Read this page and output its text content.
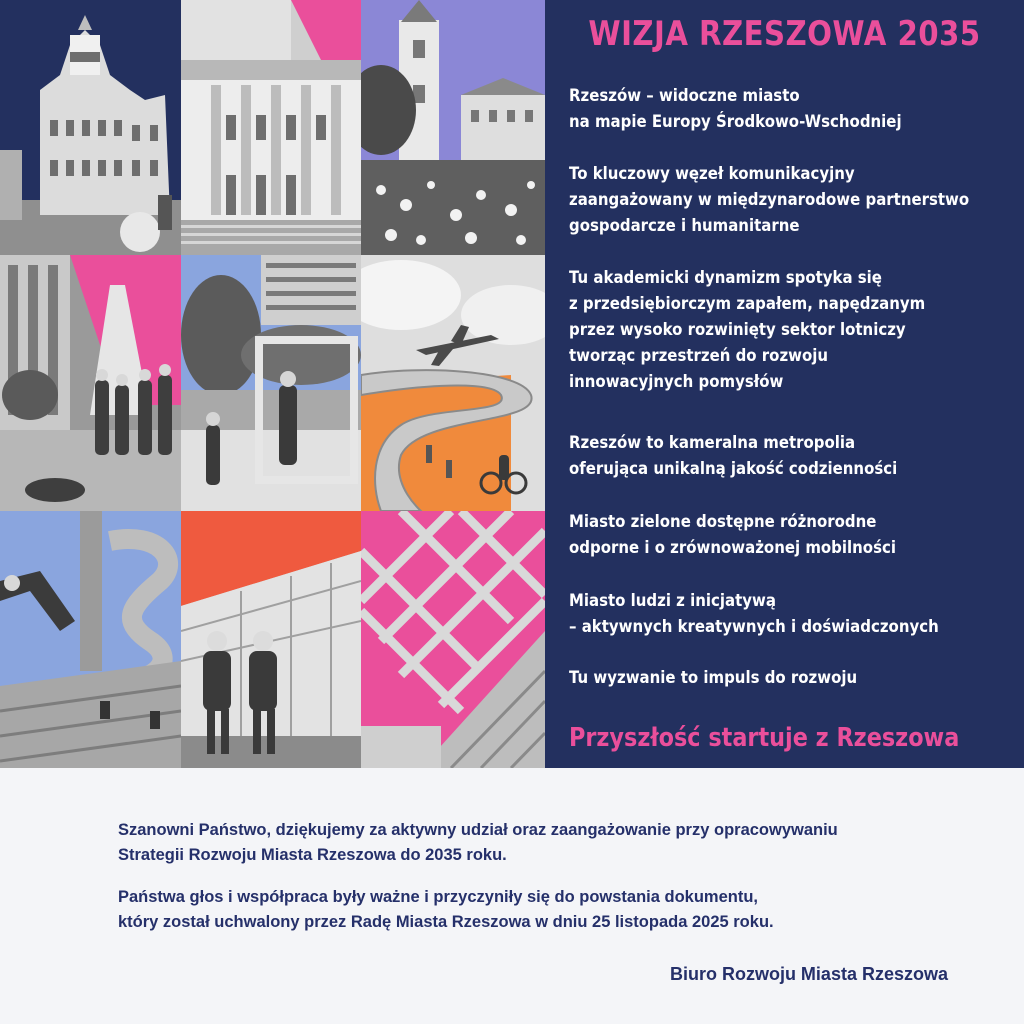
WIZJA RZESZOWA 2035
Rzeszów – widoczne miasto
na mapie Europy Środkowo-Wschodniej
To kluczowy węzeł komunikacyjny
zaangażowany w międzynarodowe partnerstwo
gospodarcze i humanitarne
Tu akademicki dynamizm spotyka się
z przedsiębiorczym zapałem, napędzanym
przez wysoko rozwinięty sektor lotniczy
tworząc przestrzeń do rozwoju
innowacyjnych pomysłów
Rzeszów to kameralna metropolia
oferująca unikalną jakość codzienności
Miasto zielone dostępne różnorodne
odporne i o zrównoważonej mobilności
Miasto ludzi z inicjatywą
– aktywnych kreatywnych i doświadczonych
Tu wyzwanie to impuls do rozwoju
Przyszłość startuje z Rzeszowa
Szanowni Państwo, dziękujemy za aktywny udział oraz zaangażowanie przy opracowywaniu
Strategii Rozwoju Miasta Rzeszowa do 2035 roku.
Państwa głos i współpraca były ważne i przyczyniły się do powstania dokumentu,
który został uchwalony przez Radę Miasta Rzeszowa w dniu 25 listopada 2025 roku.
Biuro Rozwoju Miasta Rzeszowa
